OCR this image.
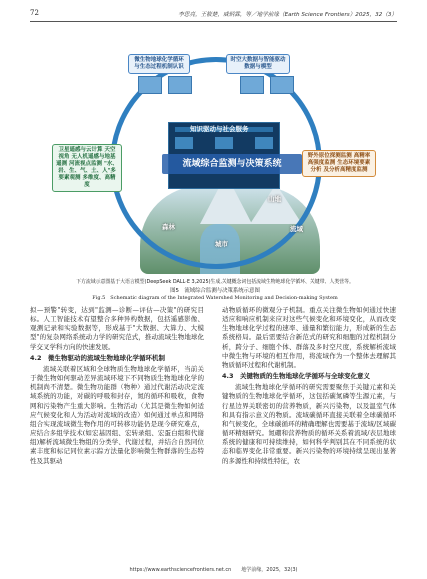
72	李思亮，王筱楚，威炳霖，等／地学前缘（Earth Science Frontiers）2025，32（3）
知识驱动与社会服务
流域综合监测与决策系统
微生物地球化学循环与生态过程机制认识
时空大数据与智能驱动数据与模型
卫星遥感与云计算 天空视角 无人机遥感与地基遥测 河流视点监测 "水、岩、生、气、土、人"多要素观测 多维度、高精度
野外原位探测监测 高精率高强度监测 生态环境要素分析 及分析高精度监测
山地
森林
城市
流域
下方流域示意图基于大语言模型(DeepSeek DALL·E 3,2025)生成,关键概念词包括流域生物地球化学循环、关键带、人类营等。
图5　流域综合监测与决策系统示意图
Fig.5　Schematic diagram of the Integrated Watershed Monitoring and Decision-making System

拟—预警"转变，达到"监测—诊断—评估—决策"的研究目标。人工智能技术有望整合多种异构数据，包括遥感影像、观测记录和实验数据等，形成基于"大数据、大算力、大模型"的复杂网络系统动力学的研究范式，推动流域生物地球化学交叉学科方向的快速发展。

4.2　微生物驱动的流域生物地球化学循环机制

流域关联着区域和全球物质生物地球化学循环，当前关于微生物如何驱动差异流域环境下不同物质生物地球化学的机制尚不清楚。微生物功能群（物种）通过代谢活动决定流域系统的功能，对碳的呼吸和封存，氮的循环和吸收，食物网和污染物产生重大影响。生物活动（尤其是微生物如何适应气候变化和人为活动对流域的改造）如何通过单点和网络组合实现流域微生物作用的可转移功能仍是现今研究难点，应结合多组学技术(如宏基因组、宏转录组、宏蛋白组和代谢组)解析流域微生物组的分类学、代谢过程，并结合自然同位素丰度和标记同位素示踪方法量化影响微生物群落的生态特性及其驱动

动物质循环的微观分子机制。重点关注微生物如何通过快速适应和响应机制来应对这些气候变化和环境变化，从而改变生物地球化学过程的速率、通量和繁衍能力，形成新的生态系统格局。最后需要结合新范式的研究和细胞的过程机制分析，跨分子、细胞个体、群落及多时空尺度，系统解析流域中微生物与环境的相互作用，将流域作为一个整体去理解其物质循环过程和代谢机制。

4.3　关键物质的生物地球化学循环与全球变化意义

流域生物地球化学循环的研究需要聚焦于关键元素和关键物质的生物地球化学循环，这包括碳氮磷等生源元素，与行星边界关联密切的营养物质，新兴污染物，以及温室气体和具有指示意义的物质。流域碳循环直接关联着全球碳循环和气候变化，全球碳循环的精确理解也需要基于流域/区域碳循环精细研究。氮硼和营养物质的循环关系着流域/表层地球系统的健康和可持续维持，如何科学判别其在不同系统的状态和临界变化非常重要。新兴污染物的环境持续呈现出显著的多源性和持续性特征，农

https://www.earthsciencefrontiers.net.cn　　地学前缘，2025，32(3)
